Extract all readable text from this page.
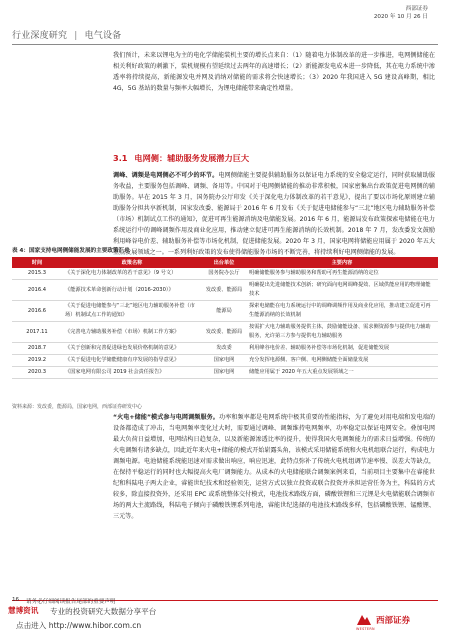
西部证券
2020 年 10 月 26 日
行业深度研究 | 电气设备
我们预计，未来以锂电为主的电化学储能装机主要的增长点来自：（1）随着电力体制改革的进一步推进，电网侧储能在相关利好政策的刺激下，装机规模有望延续过去两年的高速增长；（2）新能源发电成本进一步降低，其在电力系统中渗透率将持续提高，新能源发电并网及消纳对储能的需求将会快速增长；（3）2020 年我国进入 5G 建设高峰期，相比 4G，5G 基站的数量与频率大幅增长，为锂电储能带来确定性增量。
3.1 电网侧：辅助服务发展潜力巨大
调峰、调频是电网侧必不可少的环节。电网侧储能主要提供辅助服务以保证电力系统的安全稳定运行，同时获取辅助服务收益，主要服务包括调峰、调频、备用等。中国对于电网侧储能的推动非常积极，国家密集出台政策促进电网侧的辅助服务。早在 2015 年 3 月，国务院办公厅印发《关于深化电力体制改革的若干意见》，提出了要以市场化原则建立辅助服务分担共享新机制，国家发改委、能源局于 2016 年 6 月发布《关于促进电储能参与“三北”地区电力辅助服务补偿（市场）机制试点工作的通知》，促进可再生能源消纳及电储能发展。2016 年 6 月，能源局发布政策探索电储能在电力系统运行中的调峰调频作用及商业化应用，推动建立促进可再生能源消纳的长效机制。2018 年 7 月，发改委发文鼓励利用峰谷电价差、辅助服务补偿等市场化机制，促进储能发展。2020 年 3 月，国家电网将储能应用属于 2020 年五大重点发展领域之一。一系列利好政策的发布使得储能服务市场的不断完善，将持续利好电网侧储能的发展。
表 4：国家支持电网侧储能发展的主要政策汇总
时间	政策名称	出台单位	主要内容
2015.3	《关于深化电力体制改革的若干意见》（9 号文）	国务院办公厅	明确储能服务参与辅助服务和帮助可再生能源消纳的定位
2016.4	《能源技术革命创新行动计划（2016-2030）》	发改委、能源局	明确提出先进储能技术创新；研究面向电网调峰提效、区域供能应用的物理储能技术
2016.6	《关于促进电储能参与“三北”地区电力辅助服务补偿（市场）机制试点工作的通知》	能源局	探索电储能在电力系统运行中的调峰调频作用及商业化应用，推动建立促进可再生能源消纳的长效机制
2017.11	《完善电力辅助服务补偿（市场）机制工作方案》	发改委、能源局	按需扩大电力辅助服务提供主体，鼓励储能设备、需求侧资源参与提供电力辅助服务，允许第三方参与提供电力辅助服务
2018.7	《关于创新和完善促进绿色发展价格机制的意见》	发改委	利用峰谷电价差、辅助服务补偿等市场化机制，促进储能发展
2019.2	《关于促进电化学储能健康有序发展的指导意见》	国家电网	充分发挥电源侧、客户侧、电网侧储能全面储量发展
2020.3	《国家电网有限公司 2019 社会责任报告》	国家电网	储能应用属于 2020 年五大重点发展领域之一
资料来源：发改委，能源局，国家电网，西部证券研发中心
“火电+储能”模式参与电网调频服务。功率和频率都是电网系统中极其重要的性能指标，为了避免对用电端和发电端的设备都造成了冲击，当电网频率变化过大时，需要通过调峰、调频维持电网频率，功率稳定以保证电网安全。叠加电网最大负荷日益增加，电网结构日趋复杂，以及新能源渗透比率的提升，使得我国火电调频能力的需求日益增强。传统的火电调频有诸多缺点，因此近年来火电+储能的模式开始崭露头角，该模式采用储能系统和火电机组联合运行，构成电力调频电源。电池储能系统能迅速对需求做出响应，响应迅速，此特点弥补了传统火电机组调节速率慢、误差大等缺点，在保持平稳运行的同时也大幅提高火电厂调频能力。从成本的火电储能联合调频案例来看，当前项目主要集中在睿能世纪和科陆电子两大企业，睿能世纪技术和经验领先，运营方式以独立投资或联合投资并承担运营任务为主，科陆的方式较多，除直接投资外，还采用 EPC 或系统整体交付模式，电池技术路线方面，磷酸铁锂和三元锂是火电储能联合调频市场的两大主流路线，科陆电子倾向于磷酸铁锂系列电池，睿能世纪选择的电池技术路线多样，包括磷酸铁锂、锰酸锂、三元等。
16 请务必仔细阅读报告尾部的重要声明
慧博资讯 专业的投资研究大数据分享平台
点击进入 http://www.hibor.com.cn	西部证券
WESTERN
